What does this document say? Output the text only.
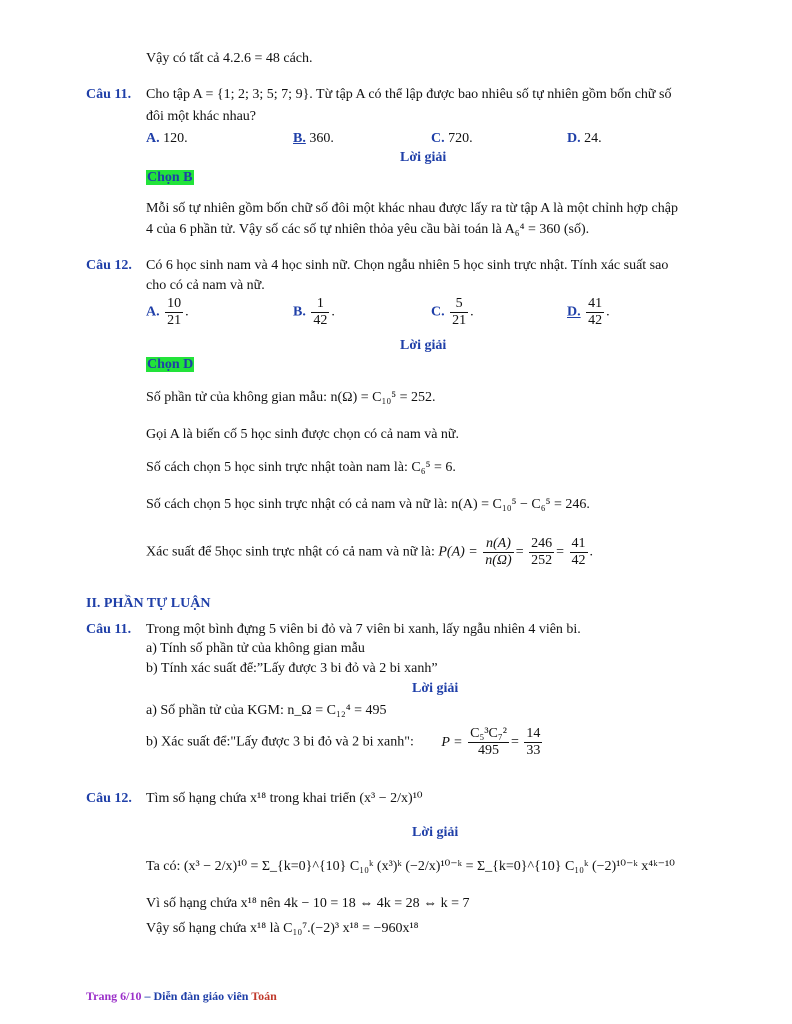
Vậy có tất cả 4.2.6 = 48 cách.
Câu 11. Cho tập A = {1; 2; 3; 5; 7; 9}. Từ tập A có thể lập được bao nhiêu số tự nhiên gồm bốn chữ số
đôi một khác nhau?
A. 120.	B. 360.	C. 720.	D. 24.
Lời giải
Chọn B
Mỗi số tự nhiên gồm bốn chữ số đôi một khác nhau được lấy ra từ tập A là một chỉnh hợp chập
4 của 6 phần tử. Vậy số các số tự nhiên thỏa yêu cầu bài toán là A₆⁴ = 360 (số).
Câu 12. Có 6 học sinh nam và 4 học sinh nữ. Chọn ngẫu nhiên 5 học sinh trực nhật. Tính xác suất sao
cho có cả nam và nữ.
A. $\frac{10}{21}$ .	B. $\frac{1}{42}$ .	C. $\frac{5}{21}$ .	D. $\frac{41}{42}$ .
Lời giải
Chọn D
Số phần tử của không gian mẫu: n(Ω) = C₁₀⁵ = 252.
Gọi A là biến cố 5 học sinh được chọn có cả nam và nữ.
Số cách chọn 5 học sinh trực nhật toàn nam là: C₆⁵ = 6.
Số cách chọn 5 học sinh trực nhật có cả nam và nữ là: n(A) = C₁₀⁵ − C₆⁵ = 246.
Xác suất để 5học sinh trực nhật có cả nam và nữ là: $P(A) = \frac{n(A)}{n(\Omega)} = \frac{246}{252} = \frac{41}{42}$ .
II. PHẦN TỰ LUẬN
Câu 11. Trong một bình đựng 5 viên bi đỏ và 7 viên bi xanh, lấy ngẫu nhiên 4 viên bi.
a) Tính số phần tử của không gian mẫu
b) Tính xác suất để:”Lấy được 3 bi đỏ và 2 bi xanh”
Lời giải
a) Số phần tử của KGM: n_Ω = C₁₂⁴ = 495
b) Xác suất để:"Lấy được 3 bi đỏ và 2 bi xanh": $P = \frac{\text{C₅³C₇²}}{495} = \frac{14}{33}$
Câu 12. Tìm số hạng chứa x¹⁸ trong khai triển (x³ − 2/x)¹⁰
Lời giải
Ta có: (x³ − 2/x)¹⁰ = Σ_{k=0}^{10} C₁₀ᵏ (x³)ᵏ (−2/x)¹⁰⁻ᵏ = Σ_{k=0}^{10} C₁₀ᵏ (−2)¹⁰⁻ᵏ x⁴ᵏ⁻¹⁰
Vì số hạng chứa x¹⁸ nên 4k − 10 = 18 ⇔ 4k = 28 ⇔ k = 7
Vậy số hạng chứa x¹⁸ là C₁₀⁷.(−2)³ x¹⁸ = −960x¹⁸
Trang 6/10 – Diễn đàn giáo viên Toán
